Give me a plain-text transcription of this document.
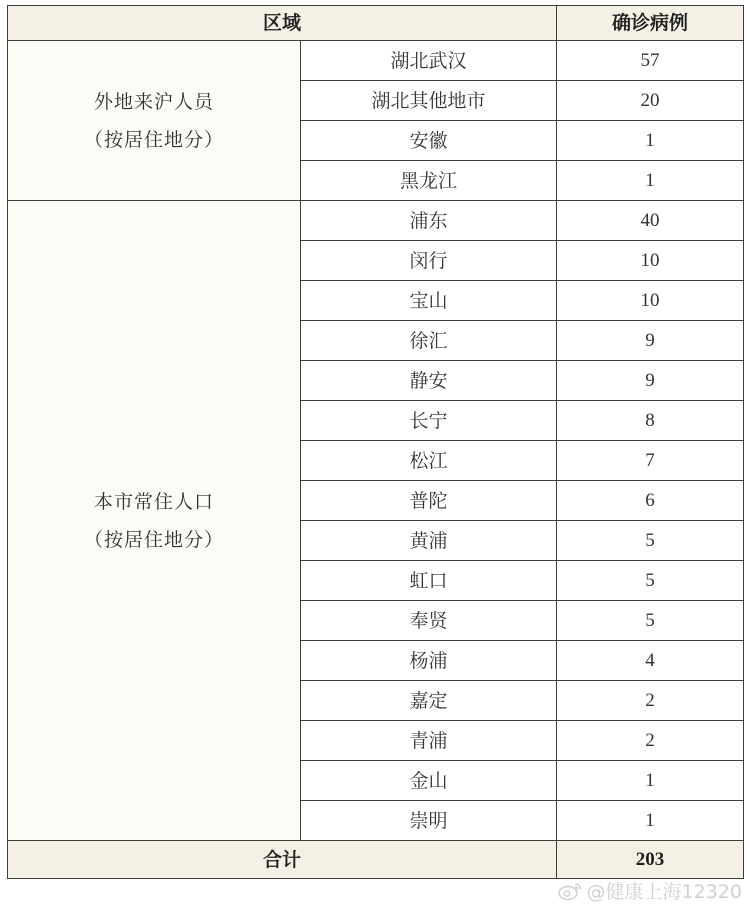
区域		确诊病例

外地来沪人员
（按居住地分）	湖北武汉	57
	湖北其他地市	20
	安徽	1
	黑龙江	1

本市常住人口
（按居住地分）	浦东	40
	闵行	10
	宝山	10
	徐汇	9
	静安	9
	长宁	8
	松江	7
	普陀	6
	黄浦	5
	虹口	5
	奉贤	5
	杨浦	4
	嘉定	2
	青浦	2
	金山	1
	崇明	1
合计		203
@健康上海12320
